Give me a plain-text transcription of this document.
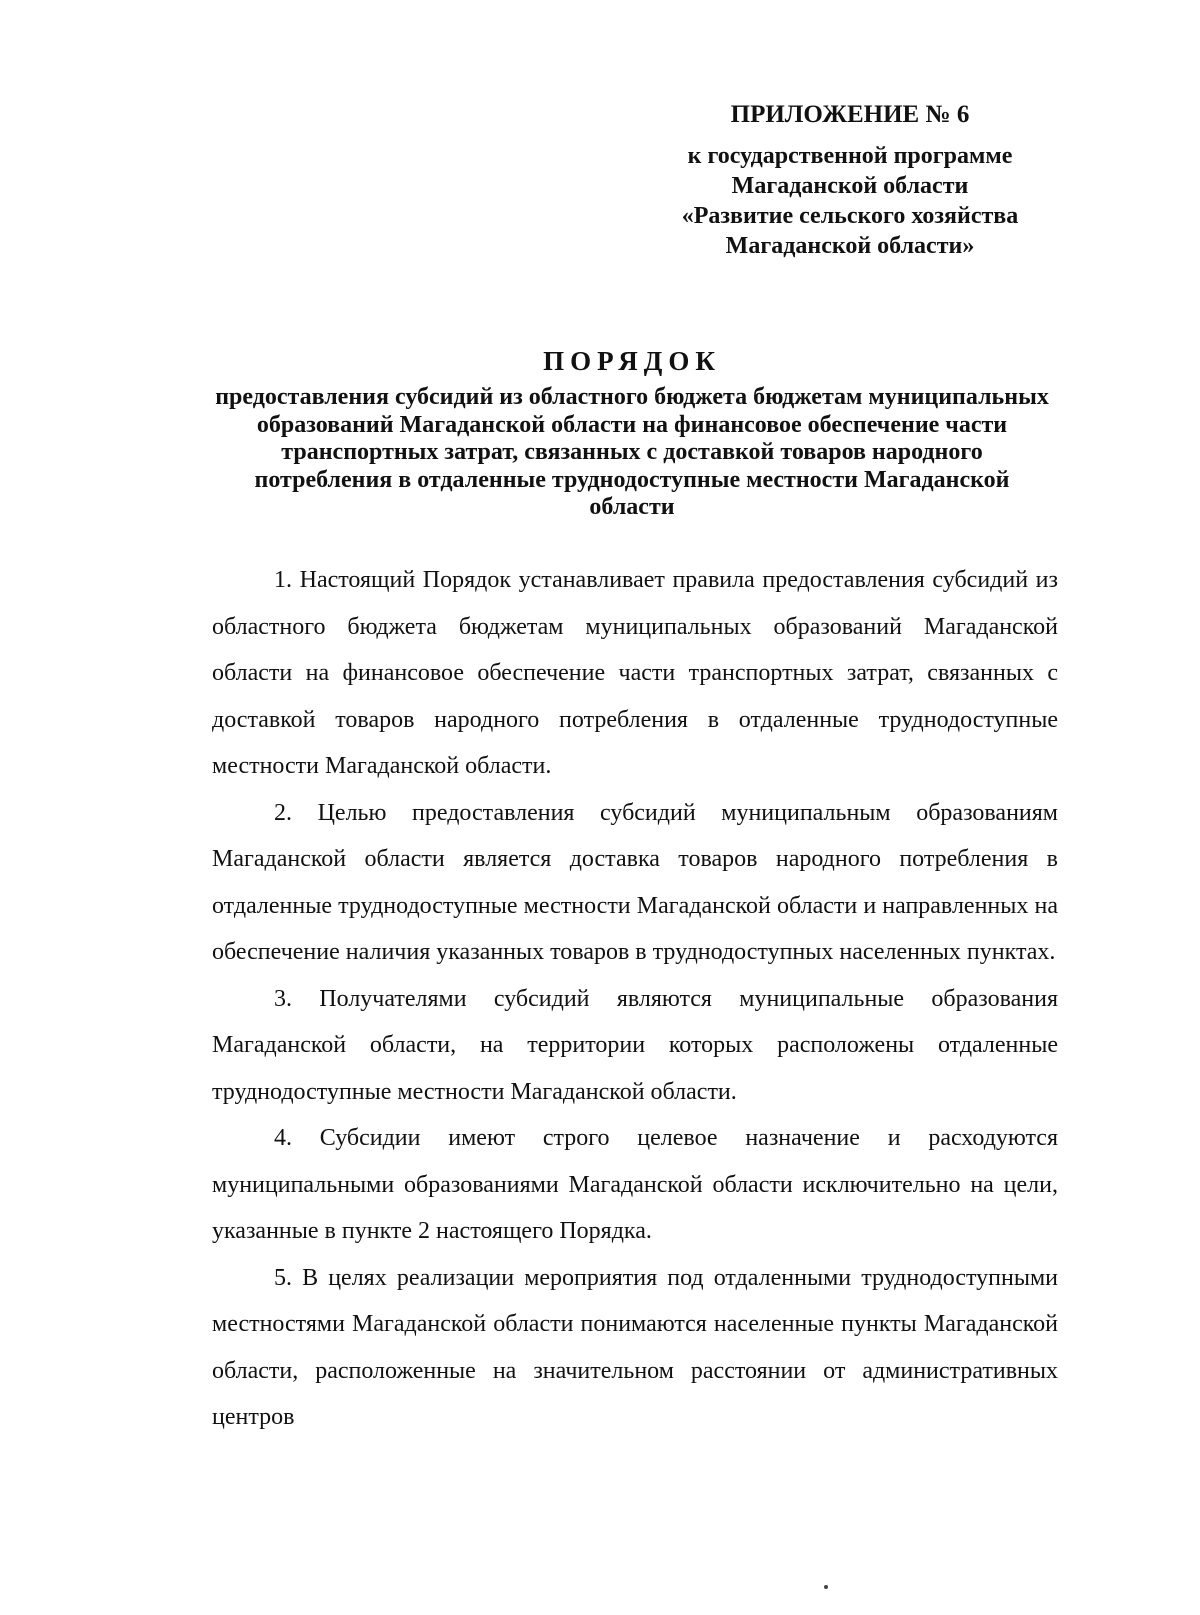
ПРИЛОЖЕНИЕ № 6
к государственной программе
Магаданской области
«Развитие сельского хозяйства
Магаданской области»
ПОРЯДОК
предоставления субсидий из областного бюджета бюджетам муниципальных образований Магаданской области на финансовое обеспечение части транспортных затрат, связанных с доставкой товаров народного потребления в отдаленные труднодоступные местности Магаданской области

1. Настоящий Порядок устанавливает правила предоставления субсидий из областного бюджета бюджетам муниципальных образований Магаданской области на финансовое обеспечение части транспортных затрат, связанных с доставкой товаров народного потребления в отдаленные труднодоступные местности Магаданской области.

2. Целью предоставления субсидий муниципальным образованиям Магаданской области является доставка товаров народного потребления в отдаленные труднодоступные местности Магаданской области и направленных на обеспечение наличия указанных товаров в труднодоступных населенных пунктах.

3. Получателями субсидий являются муниципальные образования Магаданской области, на территории которых расположены отдаленные труднодоступные местности Магаданской области.

4. Субсидии имеют строго целевое назначение и расходуются муниципальными образованиями Магаданской области исключительно на цели, указанные в пункте 2 настоящего Порядка.

5. В целях реализации мероприятия под отдаленными труднодоступными местностями Магаданской области понимаются населенные пункты Магаданской области, расположенные на значительном расстоянии от административных центров
